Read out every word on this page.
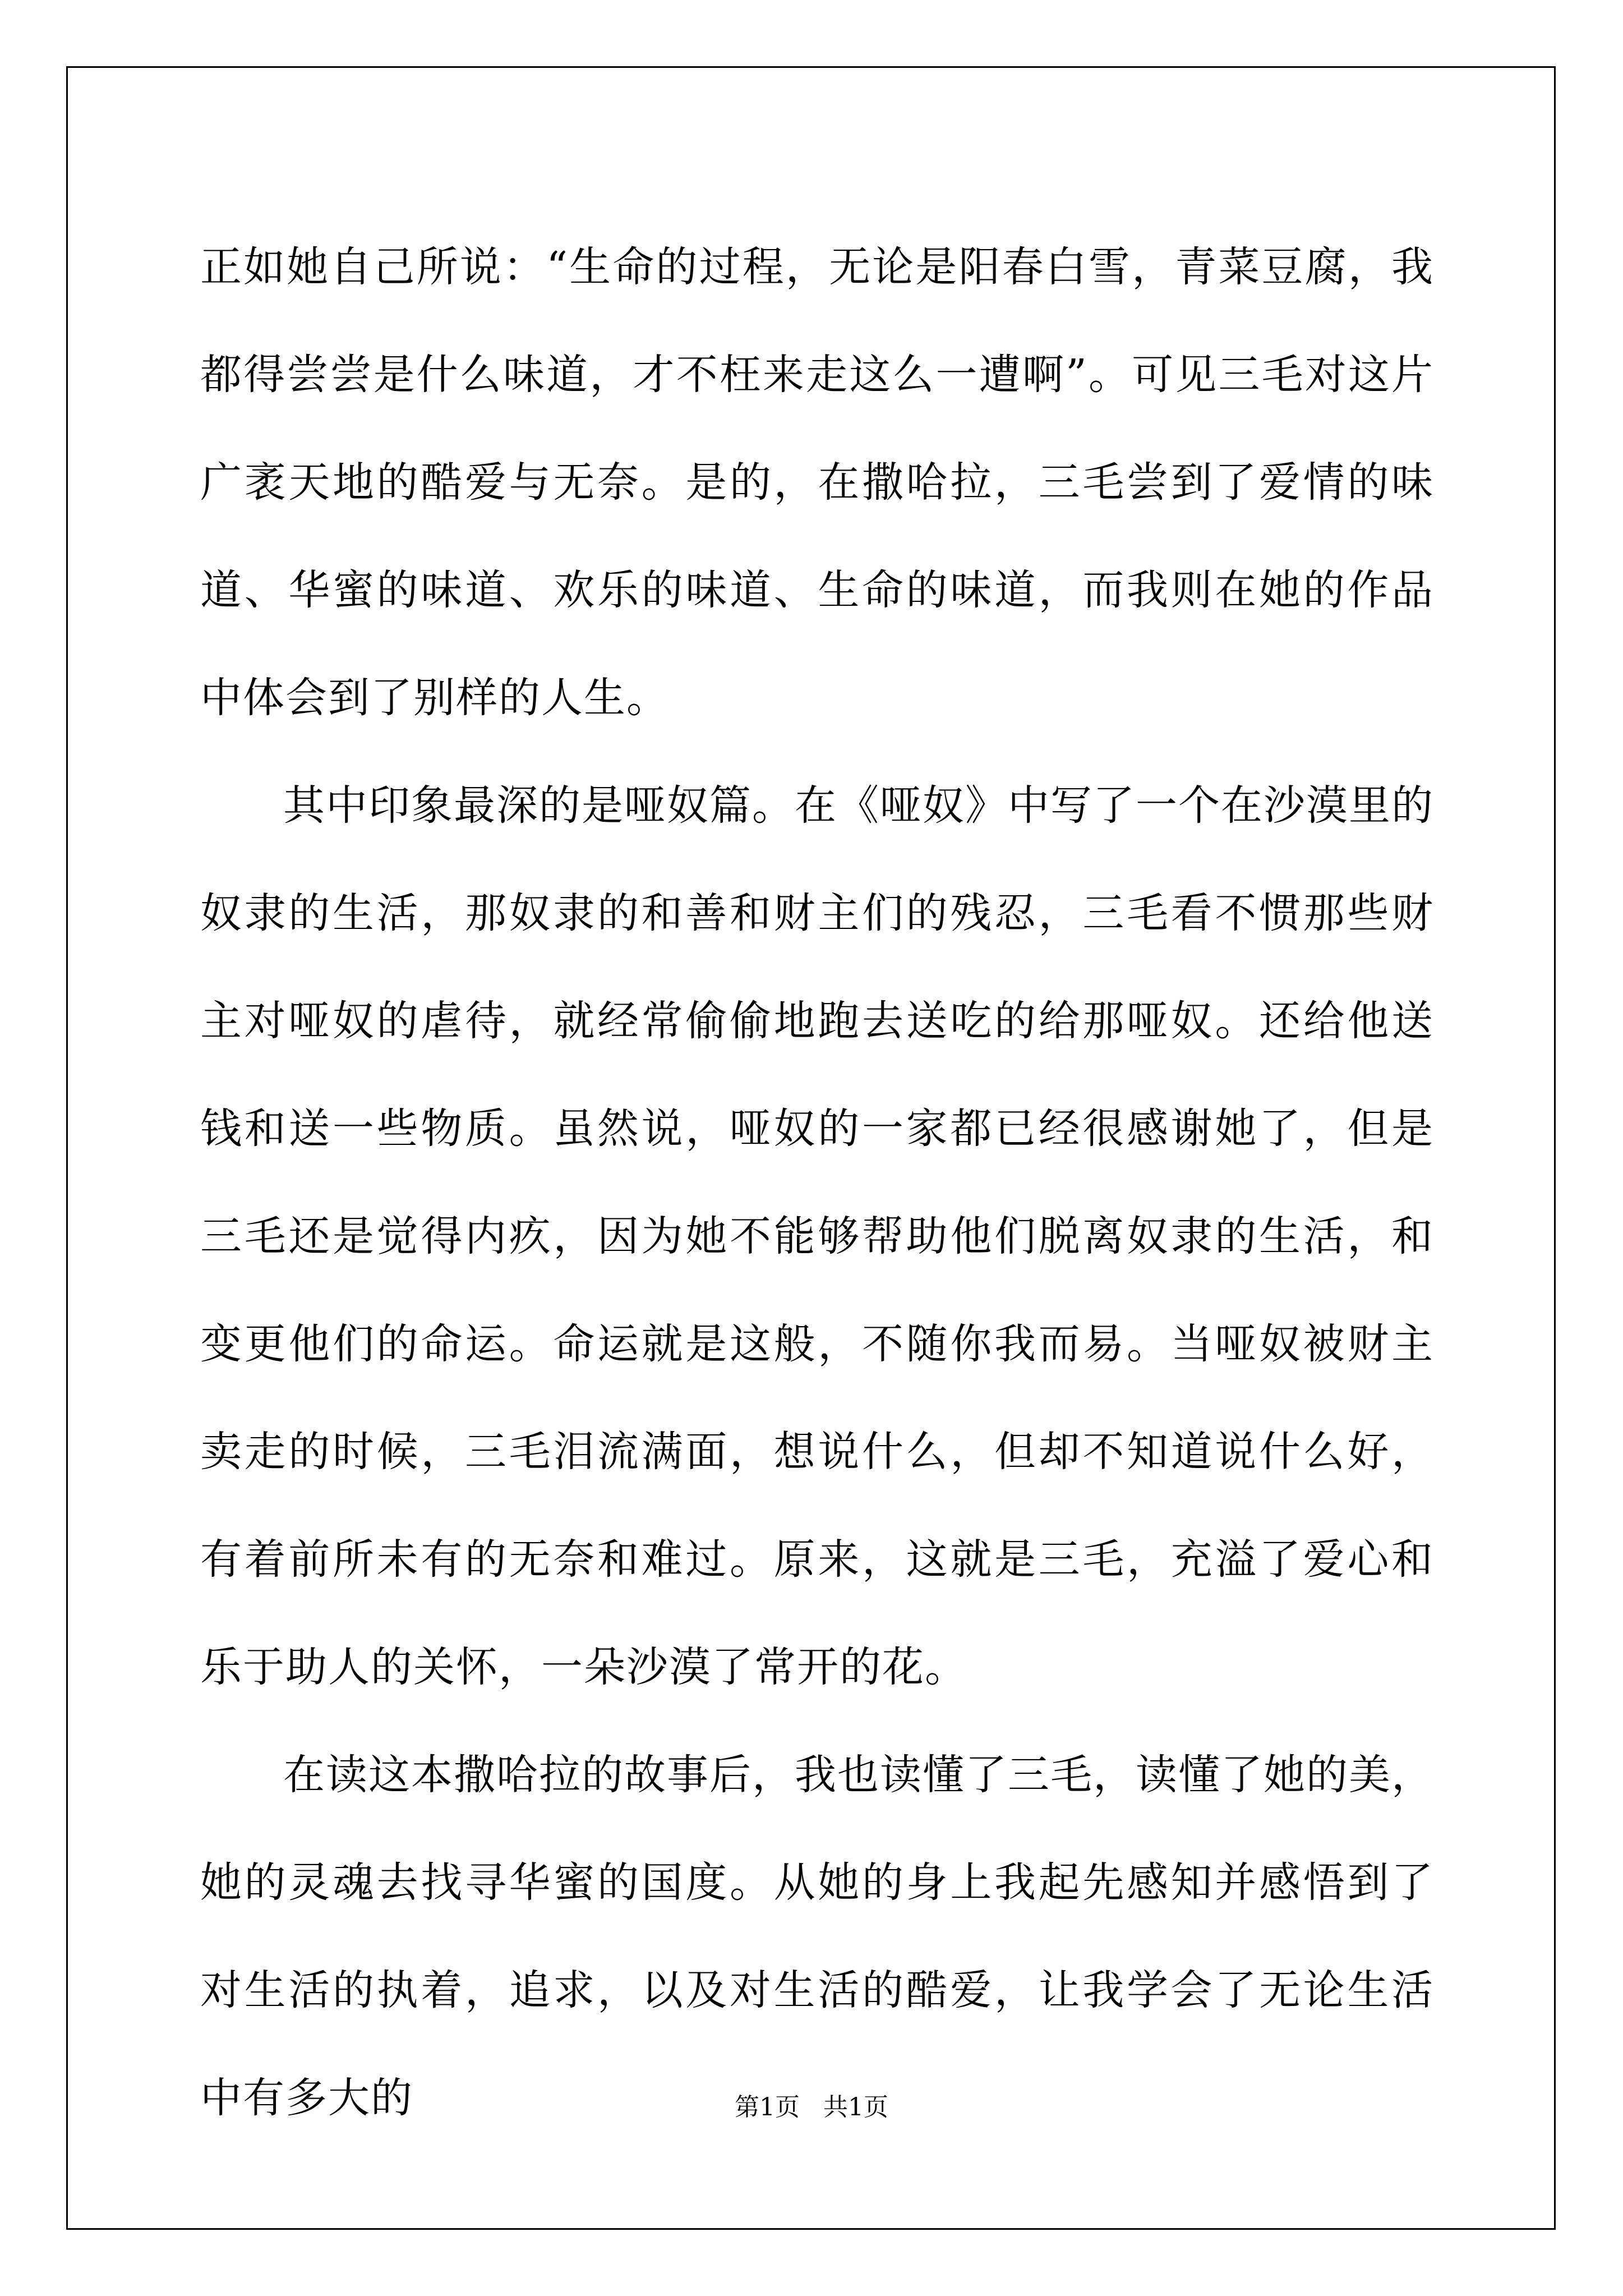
正如她自己所说：“生命的过程，无论是阳春白雪，青菜豆腐，我都得尝尝是什么味道，才不枉来走这么一遭啊”。可见三毛对这片广袤天地的酷爱与无奈。是的，在撒哈拉，三毛尝到了爱情的味道、华蜜的味道、欢乐的味道、生命的味道，而我则在她的作品中体会到了别样的人生。

其中印象最深的是哑奴篇。在《哑奴》中写了一个在沙漠里的奴隶的生活，那奴隶的和善和财主们的残忍，三毛看不惯那些财主对哑奴的虐待，就经常偷偷地跑去送吃的给那哑奴。还给他送钱和送一些物质。虽然说，哑奴的一家都已经很感谢她了，但是三毛还是觉得内疚，因为她不能够帮助他们脱离奴隶的生活，和变更他们的命运。命运就是这般，不随你我而易。当哑奴被财主卖走的时候，三毛泪流满面，想说什么，但却不知道说什么好，有着前所未有的无奈和难过。原来，这就是三毛，充溢了爱心和乐于助人的关怀，一朵沙漠了常开的花。

在读这本撒哈拉的故事后，我也读懂了三毛，读懂了她的美，她的灵魂去找寻华蜜的国度。从她的身上我起先感知并感悟到了对生活的执着，追求，以及对生活的酷爱，让我学会了无论生活中有多大的	第1页   共1页
